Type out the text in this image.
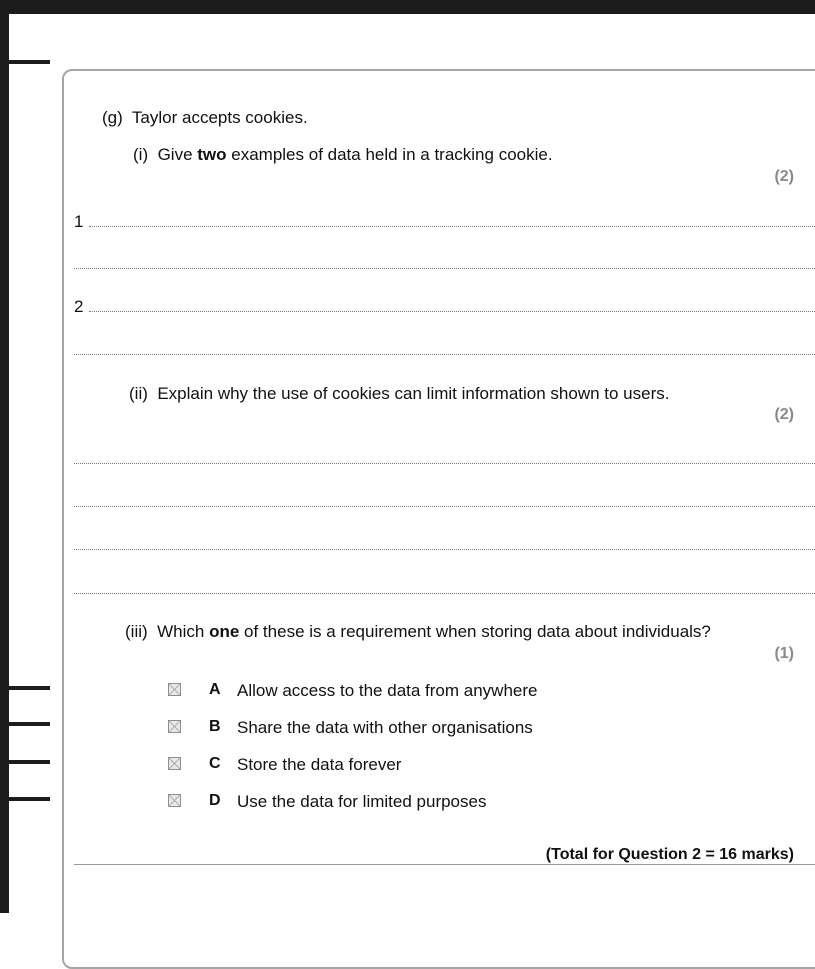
(g) Taylor accepts cookies.
(i) Give two examples of data held in a tracking cookie.
(2)
1
2
(ii) Explain why the use of cookies can limit information shown to users.
(2)
(iii) Which one of these is a requirement when storing data about individuals?
(1)
A Allow access to the data from anywhere
B Share the data with other organisations
C Store the data forever
D Use the data for limited purposes
(Total for Question 2 = 16 marks)
